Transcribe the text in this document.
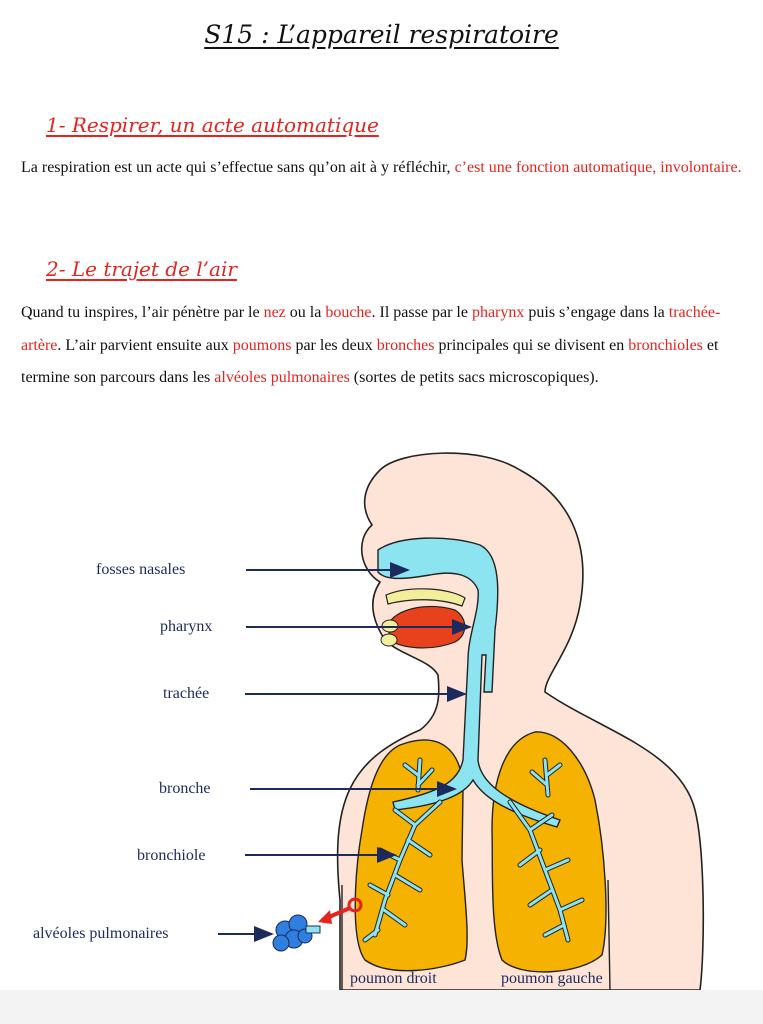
S15 : L’appareil respiratoire
1- Respirer, un acte automatique
La respiration est un acte qui s’effectue sans qu’on ait à y réfléchir, c’est une fonction automatique, involontaire.
2- Le trajet de l’air
Quand tu inspires, l’air pénètre par le nez ou la bouche. Il passe par le pharynx puis s’engage dans la trachée-artère. L’air parvient ensuite aux poumons par les deux bronches principales qui se divisent en bronchioles et termine son parcours dans les alvéoles pulmonaires (sortes de petits sacs microscopiques).
fosses nasales
pharynx
trachée
bronche
bronchiole
alvéoles pulmonaires
poumon droit	poumon gauche
